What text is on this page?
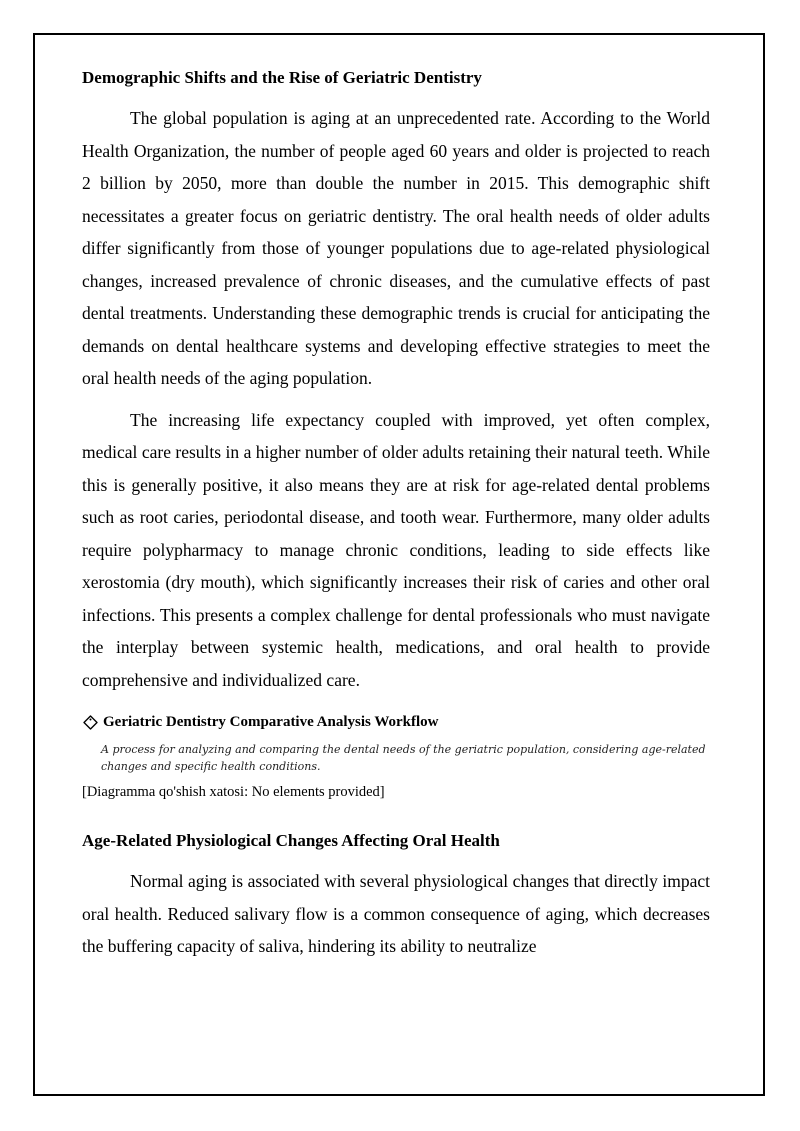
Demographic Shifts and the Rise of Geriatric Dentistry

The global population is aging at an unprecedented rate. According to the World Health Organization, the number of people aged 60 years and older is projected to reach 2 billion by 2050, more than double the number in 2015. This demographic shift necessitates a greater focus on geriatric dentistry. The oral health needs of older adults differ significantly from those of younger populations due to age-related physiological changes, increased prevalence of chronic diseases, and the cumulative effects of past dental treatments. Understanding these demographic trends is crucial for anticipating the demands on dental healthcare systems and developing effective strategies to meet the oral health needs of the aging population.

The increasing life expectancy coupled with improved, yet often complex, medical care results in a higher number of older adults retaining their natural teeth. While this is generally positive, it also means they are at risk for age-related dental problems such as root caries, periodontal disease, and tooth wear. Furthermore, many older adults require polypharmacy to manage chronic conditions, leading to side effects like xerostomia (dry mouth), which significantly increases their risk of caries and other oral infections. This presents a complex challenge for dental professionals who must navigate the interplay between systemic health, medications, and oral health to provide comprehensive and individualized care.

Geriatric Dentistry Comparative Analysis Workflow
A process for analyzing and comparing the dental needs of the geriatric population, considering age-related changes and specific health conditions.
[Diagramma qo'shish xatosi: No elements provided]
Age-Related Physiological Changes Affecting Oral Health

Normal aging is associated with several physiological changes that directly impact oral health. Reduced salivary flow is a common consequence of aging, which decreases the buffering capacity of saliva, hindering its ability to neutralize
